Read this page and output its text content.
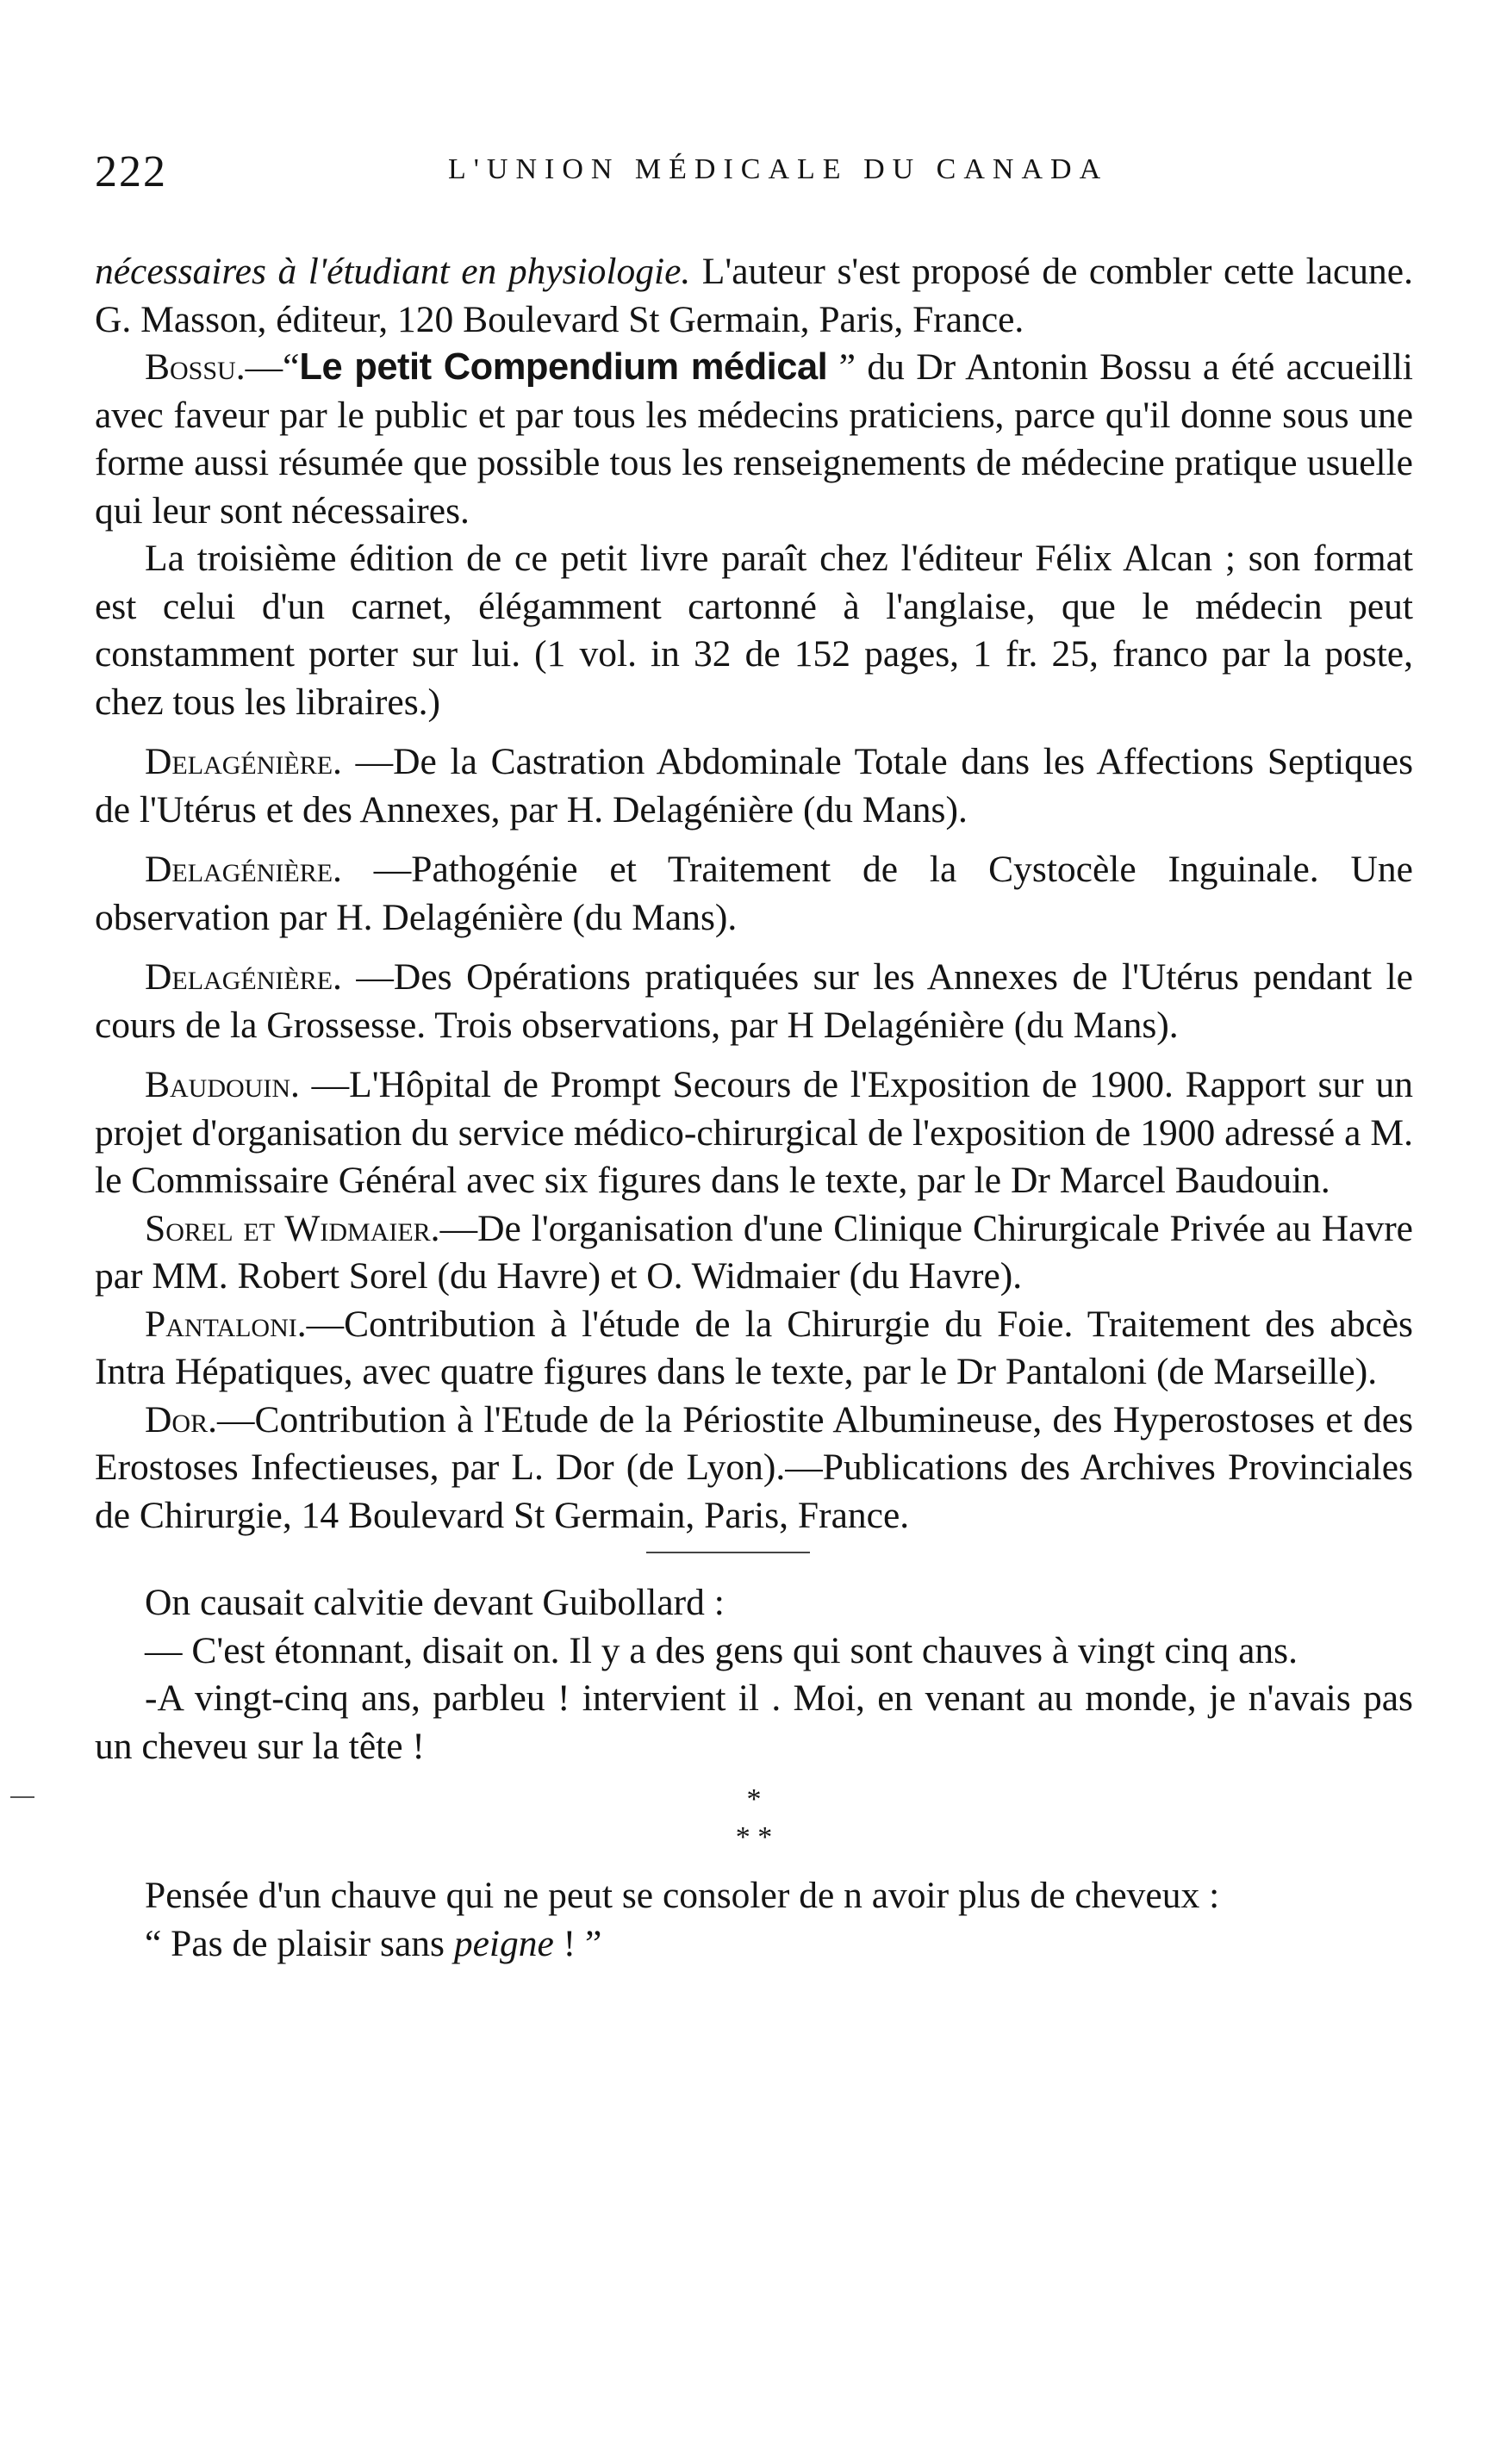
222	L'UNION MÉDICALE DU CANADA

nécessaires à l'étudiant en physiologie. L'auteur s'est proposé de combler cette lacune. G. Masson, éditeur, 120 Boulevard St Germain, Paris, France.

Bossu.—“Le petit Compendium médical ” du Dr Antonin Bossu a été accueilli avec faveur par le public et par tous les médecins praticiens, parce qu'il donne sous une forme aussi résumée que possible tous les renseignements de médecine pratique usuelle qui leur sont nécessaires.

La troisième édition de ce petit livre paraît chez l'éditeur Félix Alcan ; son format est celui d'un carnet, élégamment cartonné à l'anglaise, que le médecin peut constamment porter sur lui. (1 vol. in 32 de 152 pages, 1 fr. 25, franco par la poste, chez tous les libraires.)

Delagénière. —De la Castration Abdominale Totale dans les Affections Septiques de l'Utérus et des Annexes, par H. Delagénière (du Mans).

Delagénière. —Pathogénie et Traitement de la Cystocèle Inguinale. Une observation par H. Delagénière (du Mans).

Delagénière. —Des Opérations pratiquées sur les Annexes de l'Utérus pendant le cours de la Grossesse. Trois observations, par H Delagénière (du Mans).

Baudouin. —L'Hôpital de Prompt Secours de l'Exposition de 1900. Rapport sur un projet d'organisation du service médico-chirurgical de l'exposition de 1900 adressé a M. le Commissaire Général avec six figures dans le texte, par le Dr Marcel Baudouin.

Sorel et Widmaier.—De l'organisation d'une Clinique Chirurgicale Privée au Havre par MM. Robert Sorel (du Havre) et O. Widmaier (du Havre).

Pantaloni.—Contribution à l'étude de la Chirurgie du Foie. Traitement des abcès Intra Hépatiques, avec quatre figures dans le texte, par le Dr Pantaloni (de Marseille).

Dor.—Contribution à l'Etude de la Périostite Albumineuse, des Hyperostoses et des Erostoses Infectieuses, par L. Dor (de Lyon).—Publications des Archives Provinciales de Chirurgie, 14 Boulevard St Germain, Paris, France.

On causait calvitie devant Guibollard :

— C'est étonnant, disait on. Il y a des gens qui sont chauves à vingt cinq ans.

-A vingt-cinq ans, parbleu ! intervient il . Moi, en venant au monde, je n'avais pas un cheveu sur la tête !

*
* *

Pensée d'un chauve qui ne peut se consoler de n avoir plus de cheveux :

“ Pas de plaisir sans peigne ! ”
